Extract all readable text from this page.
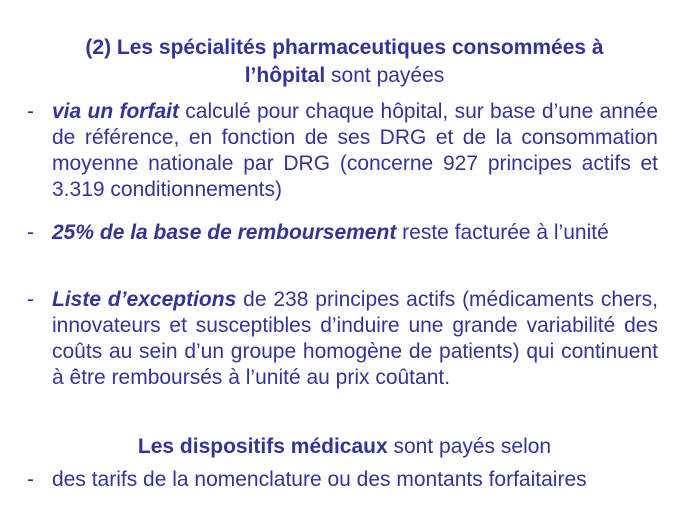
(2) Les spécialités pharmaceutiques consommées à
l’hôpital sont payées
- via un forfait calculé pour chaque hôpital, sur base d’une année de référence, en fonction de ses DRG et de la consommation moyenne nationale par DRG (concerne 927 principes actifs et 3.319 conditionnements)
- 25% de la base de remboursement reste facturée à l’unité
- Liste d’exceptions de 238 principes actifs (médicaments chers, innovateurs et susceptibles d’induire une grande variabilité des coûts au sein d’un groupe homogène de patients) qui continuent à être remboursés à l’unité au prix coûtant.
Les dispositifs médicaux sont payés selon
- des tarifs de la nomenclature ou des montants forfaitaires
